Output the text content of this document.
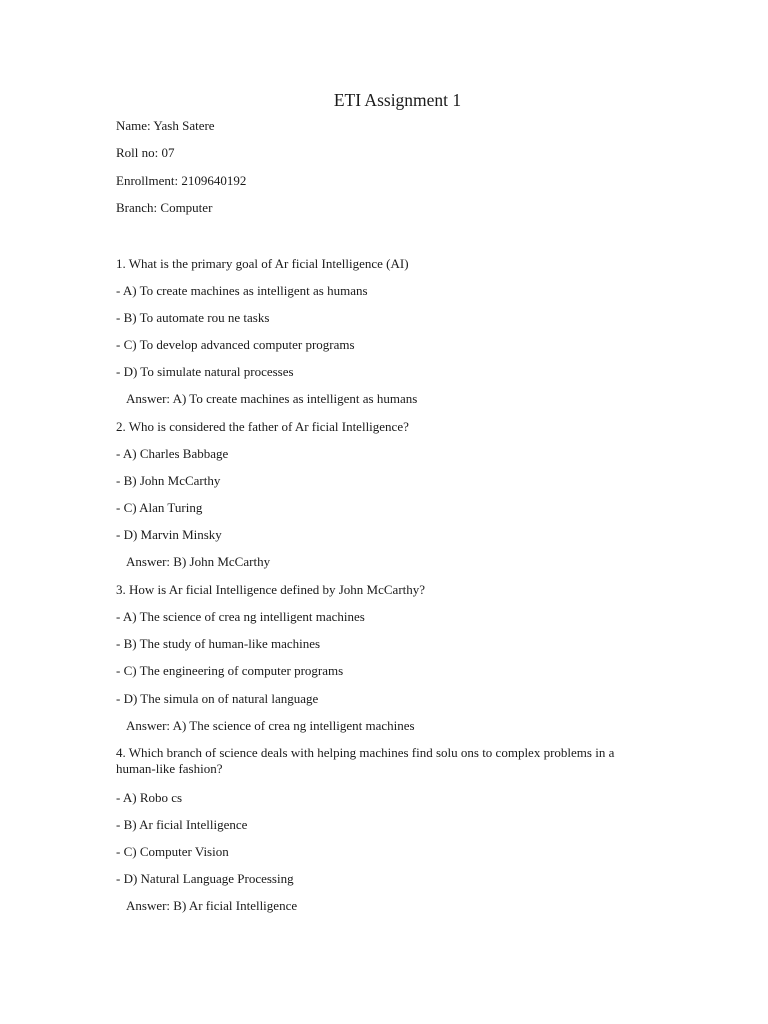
ETI Assignment 1
Name: Yash Satere
Roll no: 07
Enrollment: 2109640192
Branch: Computer
1. What is the primary goal of Ar ficial Intelligence (AI)
- A) To create machines as intelligent as humans
- B) To automate rou ne tasks
- C) To develop advanced computer programs
- D) To simulate natural processes
Answer: A) To create machines as intelligent as humans
2. Who is considered the father of Ar ficial Intelligence?
- A) Charles Babbage
- B) John McCarthy
- C) Alan Turing
- D) Marvin Minsky
Answer: B) John McCarthy
3. How is Ar ficial Intelligence defined by John McCarthy?
- A) The science of crea ng intelligent machines
- B) The study of human-like machines
- C) The engineering of computer programs
- D) The simula on of natural language
Answer: A) The science of crea ng intelligent machines
4. Which branch of science deals with helping machines find solu ons to complex problems in a human-like fashion?
- A) Robo cs
- B) Ar ficial Intelligence
- C) Computer Vision
- D) Natural Language Processing
Answer: B) Ar ficial Intelligence
